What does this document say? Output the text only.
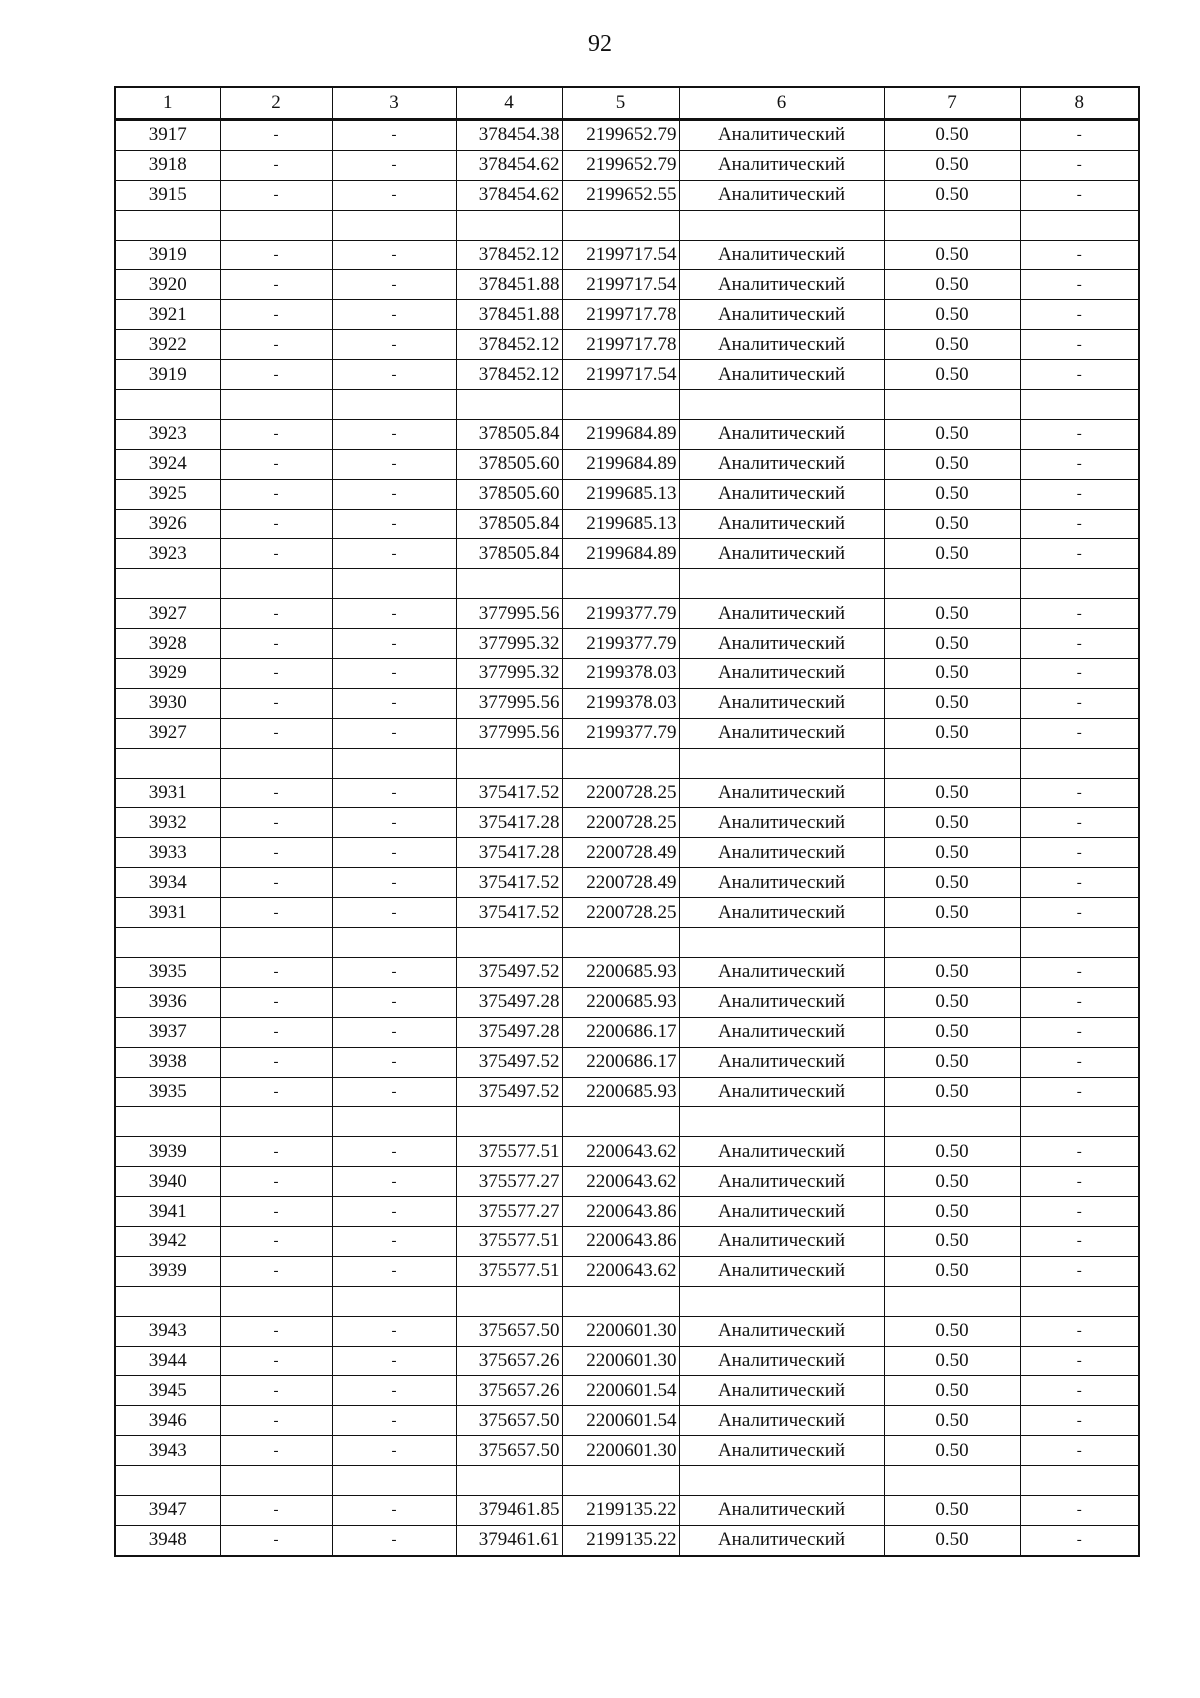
92
1	2	3	4	5	6	7	8
3917	-	-	378454.38	2199652.79	Аналитический	0.50	-
3918	-	-	378454.62	2199652.79	Аналитический	0.50	-
3915	-	-	378454.62	2199652.55	Аналитический	0.50	-

3919	-	-	378452.12	2199717.54	Аналитический	0.50	-
3920	-	-	378451.88	2199717.54	Аналитический	0.50	-
3921	-	-	378451.88	2199717.78	Аналитический	0.50	-
3922	-	-	378452.12	2199717.78	Аналитический	0.50	-
3919	-	-	378452.12	2199717.54	Аналитический	0.50	-

3923	-	-	378505.84	2199684.89	Аналитический	0.50	-
3924	-	-	378505.60	2199684.89	Аналитический	0.50	-
3925	-	-	378505.60	2199685.13	Аналитический	0.50	-
3926	-	-	378505.84	2199685.13	Аналитический	0.50	-
3923	-	-	378505.84	2199684.89	Аналитический	0.50	-

3927	-	-	377995.56	2199377.79	Аналитический	0.50	-
3928	-	-	377995.32	2199377.79	Аналитический	0.50	-
3929	-	-	377995.32	2199378.03	Аналитический	0.50	-
3930	-	-	377995.56	2199378.03	Аналитический	0.50	-
3927	-	-	377995.56	2199377.79	Аналитический	0.50	-

3931	-	-	375417.52	2200728.25	Аналитический	0.50	-
3932	-	-	375417.28	2200728.25	Аналитический	0.50	-
3933	-	-	375417.28	2200728.49	Аналитический	0.50	-
3934	-	-	375417.52	2200728.49	Аналитический	0.50	-
3931	-	-	375417.52	2200728.25	Аналитический	0.50	-

3935	-	-	375497.52	2200685.93	Аналитический	0.50	-
3936	-	-	375497.28	2200685.93	Аналитический	0.50	-
3937	-	-	375497.28	2200686.17	Аналитический	0.50	-
3938	-	-	375497.52	2200686.17	Аналитический	0.50	-
3935	-	-	375497.52	2200685.93	Аналитический	0.50	-

3939	-	-	375577.51	2200643.62	Аналитический	0.50	-
3940	-	-	375577.27	2200643.62	Аналитический	0.50	-
3941	-	-	375577.27	2200643.86	Аналитический	0.50	-
3942	-	-	375577.51	2200643.86	Аналитический	0.50	-
3939	-	-	375577.51	2200643.62	Аналитический	0.50	-

3943	-	-	375657.50	2200601.30	Аналитический	0.50	-
3944	-	-	375657.26	2200601.30	Аналитический	0.50	-
3945	-	-	375657.26	2200601.54	Аналитический	0.50	-
3946	-	-	375657.50	2200601.54	Аналитический	0.50	-
3943	-	-	375657.50	2200601.30	Аналитический	0.50	-

3947	-	-	379461.85	2199135.22	Аналитический	0.50	-
3948	-	-	379461.61	2199135.22	Аналитический	0.50	-
